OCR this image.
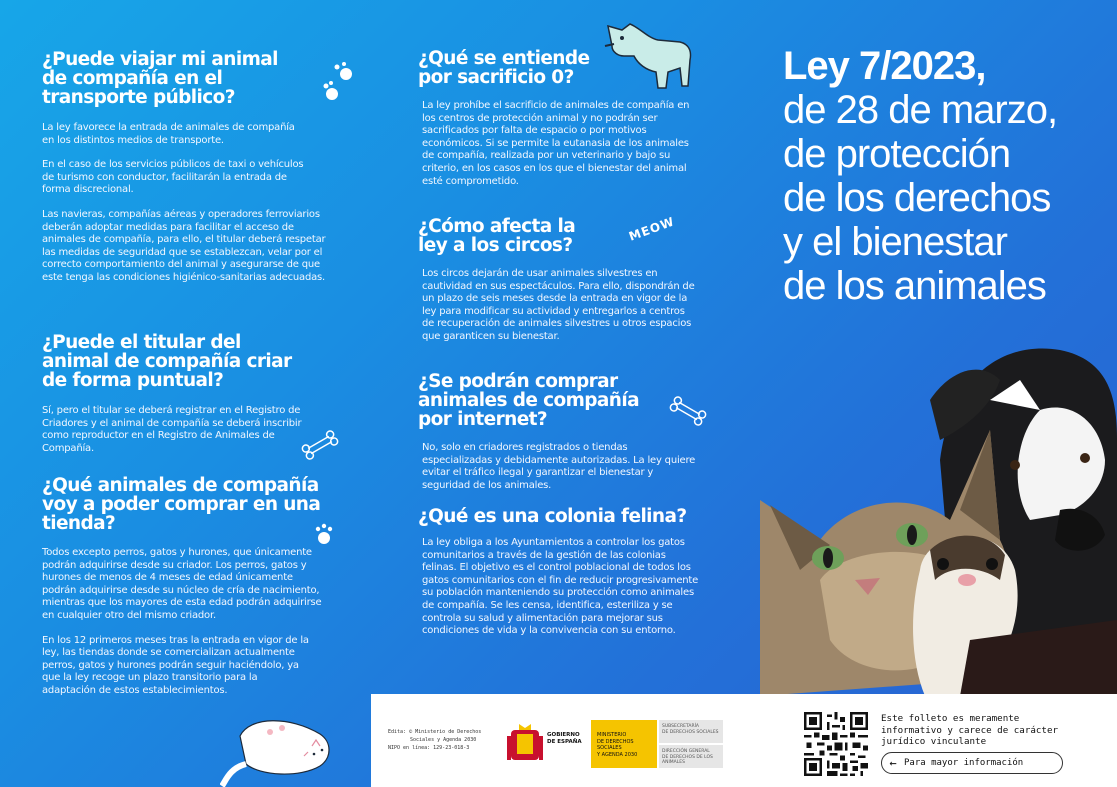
¿Puede viajar mi animal de compañía en el transporte público?

La ley favorece la entrada de animales de compañía en los distintos medios de transporte.

En el caso de los servicios públicos de taxi o vehículos de turismo con conductor, facilitarán la entrada de forma discrecional.

Las navieras, compañías aéreas y operadores ferroviarios deberán adoptar medidas para facilitar el acceso de animales de compañía, para ello, el titular deberá respetar las medidas de seguridad que se establezcan, velar por el correcto comportamiento del animal y asegurarse de que este tenga las condiciones higiénico-sanitarias adecuadas.

¿Puede el titular del animal de compañía criar de forma puntual?

Sí, pero el titular se deberá registrar en el Registro de Criadores y el animal de compañía se deberá inscribir como reproductor en el Registro de Animales de Compañía.

¿Qué animales de compañía voy a poder comprar en una tienda?

Todos excepto perros, gatos y hurones, que únicamente podrán adquirirse desde su criador. Los perros, gatos y hurones de menos de 4 meses de edad únicamente podrán adquirirse desde su núcleo de cría de nacimiento, mientras que los mayores de esta edad podrán adquirirse en cualquier otro del mismo criador.

En los 12 primeros meses tras la entrada en vigor de la ley, las tiendas donde se comercializan actualmente perros, gatos y hurones podrán seguir haciéndolo, ya que la ley recoge un plazo transitorio para la adaptación de estos establecimientos.

¿Qué se entiende por sacrificio 0?

La ley prohíbe el sacrificio de animales de compañía en los centros de protección animal y no podrán ser sacrificados por falta de espacio o por motivos económicos. Si se permite la eutanasia de los animales de compañía, realizada por un veterinario y bajo su criterio, en los casos en los que el bienestar del animal esté comprometido.

¿Cómo afecta la ley a los circos?

Los circos dejarán de usar animales silvestres en cautividad en sus espectáculos. Para ello, dispondrán de un plazo de seis meses desde la entrada en vigor de la ley para modificar su actividad y entregarlos a centros de recuperación de animales silvestres u otros espacios que garanticen su bienestar.

¿Se podrán comprar animales de compañía por internet?

No, solo en criadores registrados o tiendas especializadas y debidamente autorizadas. La ley quiere evitar el tráfico ilegal y garantizar el bienestar y seguridad de los animales.

¿Qué es una colonia felina?

La ley obliga a los Ayuntamientos a controlar los gatos comunitarios a través de la gestión de las colonias felinas. El objetivo es el control poblacional de todos los gatos comunitarios con el fin de reducir progresivamente su población manteniendo su protección como animales de compañía. Se les censa, identifica, esteriliza y se controla su salud y alimentación para mejorar sus condiciones de vida y la convivencia con su entorno.

MEOW
Ley 7/2023,
de 28 de marzo,
de protección
de los derechos
y el bienestar
de los animales
Edita: © Ministerio de Derechos
Sociales y Agenda 2030
NIPO en línea: 129-23-018-3
GOBIERNO
DE ESPAÑA
MINISTERIO
DE DERECHOS SOCIALES
Y AGENDA 2030
SUBSECRETARÍA
DE DERECHOS SOCIALES
DIRECCIÓN GENERAL
DE DERECHOS DE LOS ANIMALES
Este folleto es meramente informativo y carece de carácter jurídico vinculante
← Para mayor información
